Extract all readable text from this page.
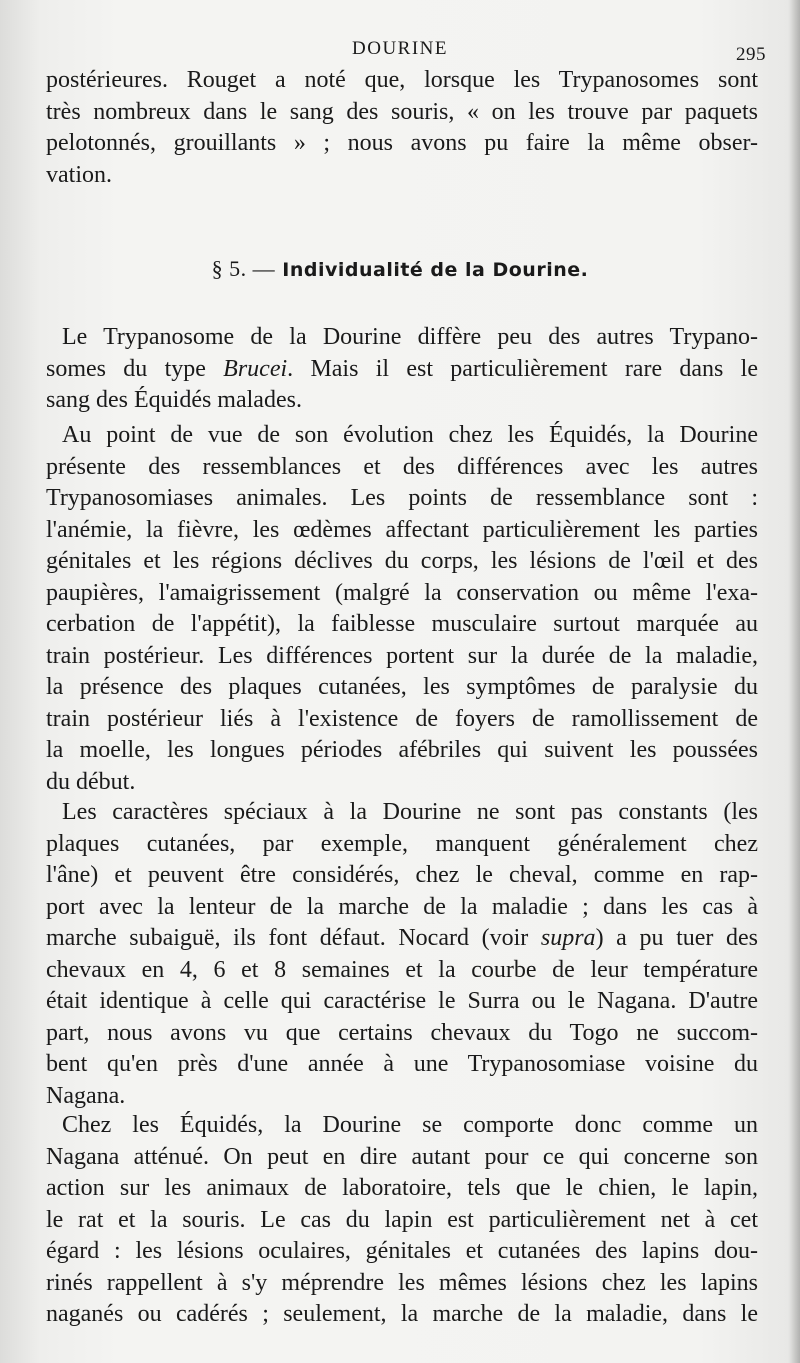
DOURINE	295
postérieures. Rouget a noté que, lorsque les Trypanosomes sont
très nombreux dans le sang des souris, « on les trouve par paquets
pelotonnés, grouillants » ; nous avons pu faire la même obser-
vation.
§ 5. — Individualité de la Dourine.
Le Trypanosome de la Dourine diffère peu des autres Trypano-
somes du type Brucei. Mais il est particulièrement rare dans le
sang des Équidés malades.
Au point de vue de son évolution chez les Équidés, la Dourine
présente des ressemblances et des différences avec les autres
Trypanosomiases animales. Les points de ressemblance sont :
l'anémie, la fièvre, les œdèmes affectant particulièrement les parties
génitales et les régions déclives du corps, les lésions de l'œil et des
paupières, l'amaigrissement (malgré la conservation ou même l'exa-
cerbation de l'appétit), la faiblesse musculaire surtout marquée au
train postérieur. Les différences portent sur la durée de la maladie,
la présence des plaques cutanées, les symptômes de paralysie du
train postérieur liés à l'existence de foyers de ramollissement de
la moelle, les longues périodes afébriles qui suivent les poussées
du début.
Les caractères spéciaux à la Dourine ne sont pas constants (les
plaques cutanées, par exemple, manquent généralement chez
l'âne) et peuvent être considérés, chez le cheval, comme en rap-
port avec la lenteur de la marche de la maladie ; dans les cas à
marche subaiguë, ils font défaut. Nocard (voir supra) a pu tuer des
chevaux en 4, 6 et 8 semaines et la courbe de leur température
était identique à celle qui caractérise le Surra ou le Nagana. D'autre
part, nous avons vu que certains chevaux du Togo ne succom-
bent qu'en près d'une année à une Trypanosomiase voisine du
Nagana.
Chez les Équidés, la Dourine se comporte donc comme un
Nagana atténué. On peut en dire autant pour ce qui concerne son
action sur les animaux de laboratoire, tels que le chien, le lapin,
le rat et la souris. Le cas du lapin est particulièrement net à cet
égard : les lésions oculaires, génitales et cutanées des lapins dou-
rinés rappellent à s'y méprendre les mêmes lésions chez les lapins
naganés ou cadérés ; seulement, la marche de la maladie, dans le
